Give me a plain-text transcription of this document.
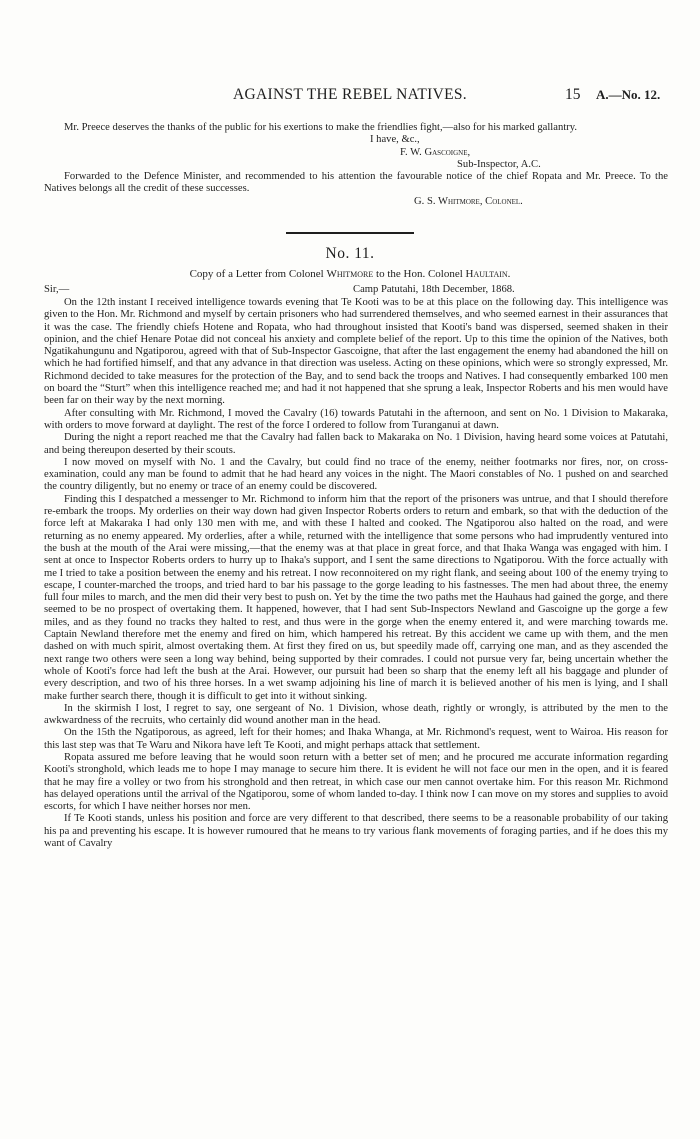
AGAINST THE REBEL NATIVES.	15 A.—No. 12.

Mr. Preece deserves the thanks of the public for his exertions to make the friendlies fight,—also for his marked gallantry.

I have, &c.,

F. W. Gascoigne,

Sub-Inspector, A.C.

Forwarded to the Defence Minister, and recommended to his attention the favourable notice of the chief Ropata and Mr. Preece. To the Natives belongs all the credit of these successes.

G. S. Whitmore, Colonel.

No. 11.
Copy of a Letter from Colonel Whitmore to the Hon. Colonel Haultain.
Sir,—	Camp Patutahi, 18th December, 1868.

On the 12th instant I received intelligence towards evening that Te Kooti was to be at this place on the following day. This intelligence was given to the Hon. Mr. Richmond and myself by certain prisoners who had surrendered themselves, and who seemed earnest in their assurances that it was the case. The friendly chiefs Hotene and Ropata, who had throughout insisted that Kooti's band was dispersed, seemed shaken in their opinion, and the chief Henare Potae did not conceal his anxiety and complete belief of the report. Up to this time the opinion of the Natives, both Ngatikahungunu and Ngatiporou, agreed with that of Sub-Inspector Gascoigne, that after the last engagement the enemy had abandoned the hill on which he had fortified himself, and that any advance in that direction was useless. Acting on these opinions, which were so strongly expressed, Mr. Richmond decided to take measures for the protection of the Bay, and to send back the troops and Natives. I had consequently embarked 100 men on board the “Sturt” when this intelligence reached me; and had it not happened that she sprung a leak, Inspector Roberts and his men would have been far on their way by the next morning.

After consulting with Mr. Richmond, I moved the Cavalry (16) towards Patutahi in the afternoon, and sent on No. 1 Division to Makaraka, with orders to move forward at daylight. The rest of the force I ordered to follow from Turanganui at dawn.

During the night a report reached me that the Cavalry had fallen back to Makaraka on No. 1 Division, having heard some voices at Patutahi, and being thereupon deserted by their scouts.

I now moved on myself with No. 1 and the Cavalry, but could find no trace of the enemy, neither footmarks nor fires, nor, on cross-examination, could any man be found to admit that he had heard any voices in the night. The Maori constables of No. 1 pushed on and searched the country diligently, but no enemy or trace of an enemy could be discovered.

Finding this I despatched a messenger to Mr. Richmond to inform him that the report of the prisoners was untrue, and that I should therefore re-embark the troops. My orderlies on their way down had given Inspector Roberts orders to return and embark, so that with the deduction of the force left at Makaraka I had only 130 men with me, and with these I halted and cooked. The Ngatiporou also halted on the road, and were returning as no enemy appeared. My orderlies, after a while, returned with the intelligence that some persons who had imprudently ventured into the bush at the mouth of the Arai were missing,—that the enemy was at that place in great force, and that Ihaka Wanga was engaged with him. I sent at once to Inspector Roberts orders to hurry up to Ihaka's support, and I sent the same directions to Ngatiporou. With the force actually with me I tried to take a position between the enemy and his retreat. I now reconnoitered on my right flank, and seeing about 100 of the enemy trying to escape, I counter-marched the troops, and tried hard to bar his passage to the gorge leading to his fastnesses. The men had about three, the enemy full four miles to march, and the men did their very best to push on. Yet by the time the two paths met the Hauhaus had gained the gorge, and there seemed to be no prospect of overtaking them. It happened, however, that I had sent Sub-Inspectors Newland and Gascoigne up the gorge a few miles, and as they found no tracks they halted to rest, and thus were in the gorge when the enemy entered it, and were marching towards me. Captain Newland therefore met the enemy and fired on him, which hampered his retreat. By this accident we came up with them, and the men dashed on with much spirit, almost overtaking them. At first they fired on us, but speedily made off, carrying one man, and as they ascended the next range two others were seen a long way behind, being supported by their comrades. I could not pursue very far, being uncertain whether the whole of Kooti's force had left the bush at the Arai. However, our pursuit had been so sharp that the enemy left all his baggage and plunder of every description, and two of his three horses. In a wet swamp adjoining his line of march it is believed another of his men is lying, and I shall make further search there, though it is difficult to get into it without sinking.

In the skirmish I lost, I regret to say, one sergeant of No. 1 Division, whose death, rightly or wrongly, is attributed by the men to the awkwardness of the recruits, who certainly did wound another man in the head.

On the 15th the Ngatiporous, as agreed, left for their homes; and Ihaka Whanga, at Mr. Richmond's request, went to Wairoa. His reason for this last step was that Te Waru and Nikora have left Te Kooti, and might perhaps attack that settlement.

Ropata assured me before leaving that he would soon return with a better set of men; and he procured me accurate information regarding Kooti's stronghold, which leads me to hope I may manage to secure him there. It is evident he will not face our men in the open, and it is feared that he may fire a volley or two from his stronghold and then retreat, in which case our men cannot overtake him. For this reason Mr. Richmond has delayed operations until the arrival of the Ngatiporou, some of whom landed to-day. I think now I can move on my stores and supplies to avoid escorts, for which I have neither horses nor men.

If Te Kooti stands, unless his position and force are very different to that described, there seems to be a reasonable probability of our taking his pa and preventing his escape. It is however rumoured that he means to try various flank movements of foraging parties, and if he does this my want of Cavalry
